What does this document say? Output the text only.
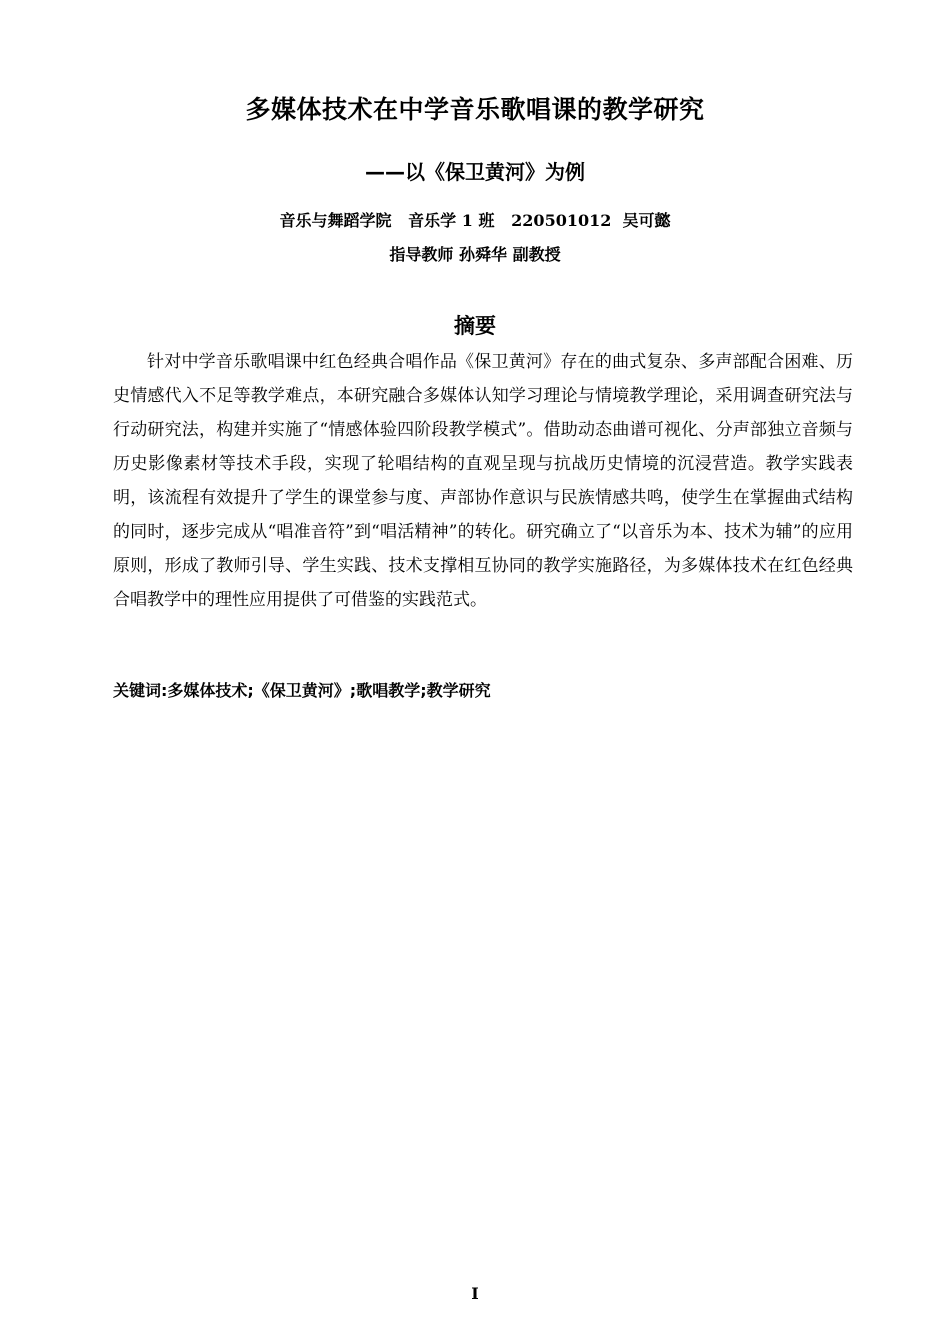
多媒体技术在中学音乐歌唱课的教学研究
——以《保卫黄河》为例
音乐与舞蹈学院   音乐学 1 班   220501012  吴可懿
指导教师 孙舜华 副教授
摘要
针对中学音乐歌唱课中红色经典合唱作品《保卫黄河》存在的曲式复杂、多声部配合困难、历史情感代入不足等教学难点，本研究融合多媒体认知学习理论与情境教学理论，采用调查研究法与行动研究法，构建并实施了“情感体验四阶段教学模式”。借助动态曲谱可视化、分声部独立音频与历史影像素材等技术手段，实现了轮唱结构的直观呈现与抗战历史情境的沉浸营造。教学实践表明，该流程有效提升了学生的课堂参与度、声部协作意识与民族情感共鸣，使学生在掌握曲式结构的同时，逐步完成从“唱准音符”到“唱活精神”的转化。研究确立了“以音乐为本、技术为辅”的应用原则，形成了教师引导、学生实践、技术支撑相互协同的教学实施路径，为多媒体技术在红色经典合唱教学中的理性应用提供了可借鉴的实践范式。
关键词:多媒体技术;《保卫黄河》;歌唱教学;教学研究
I
